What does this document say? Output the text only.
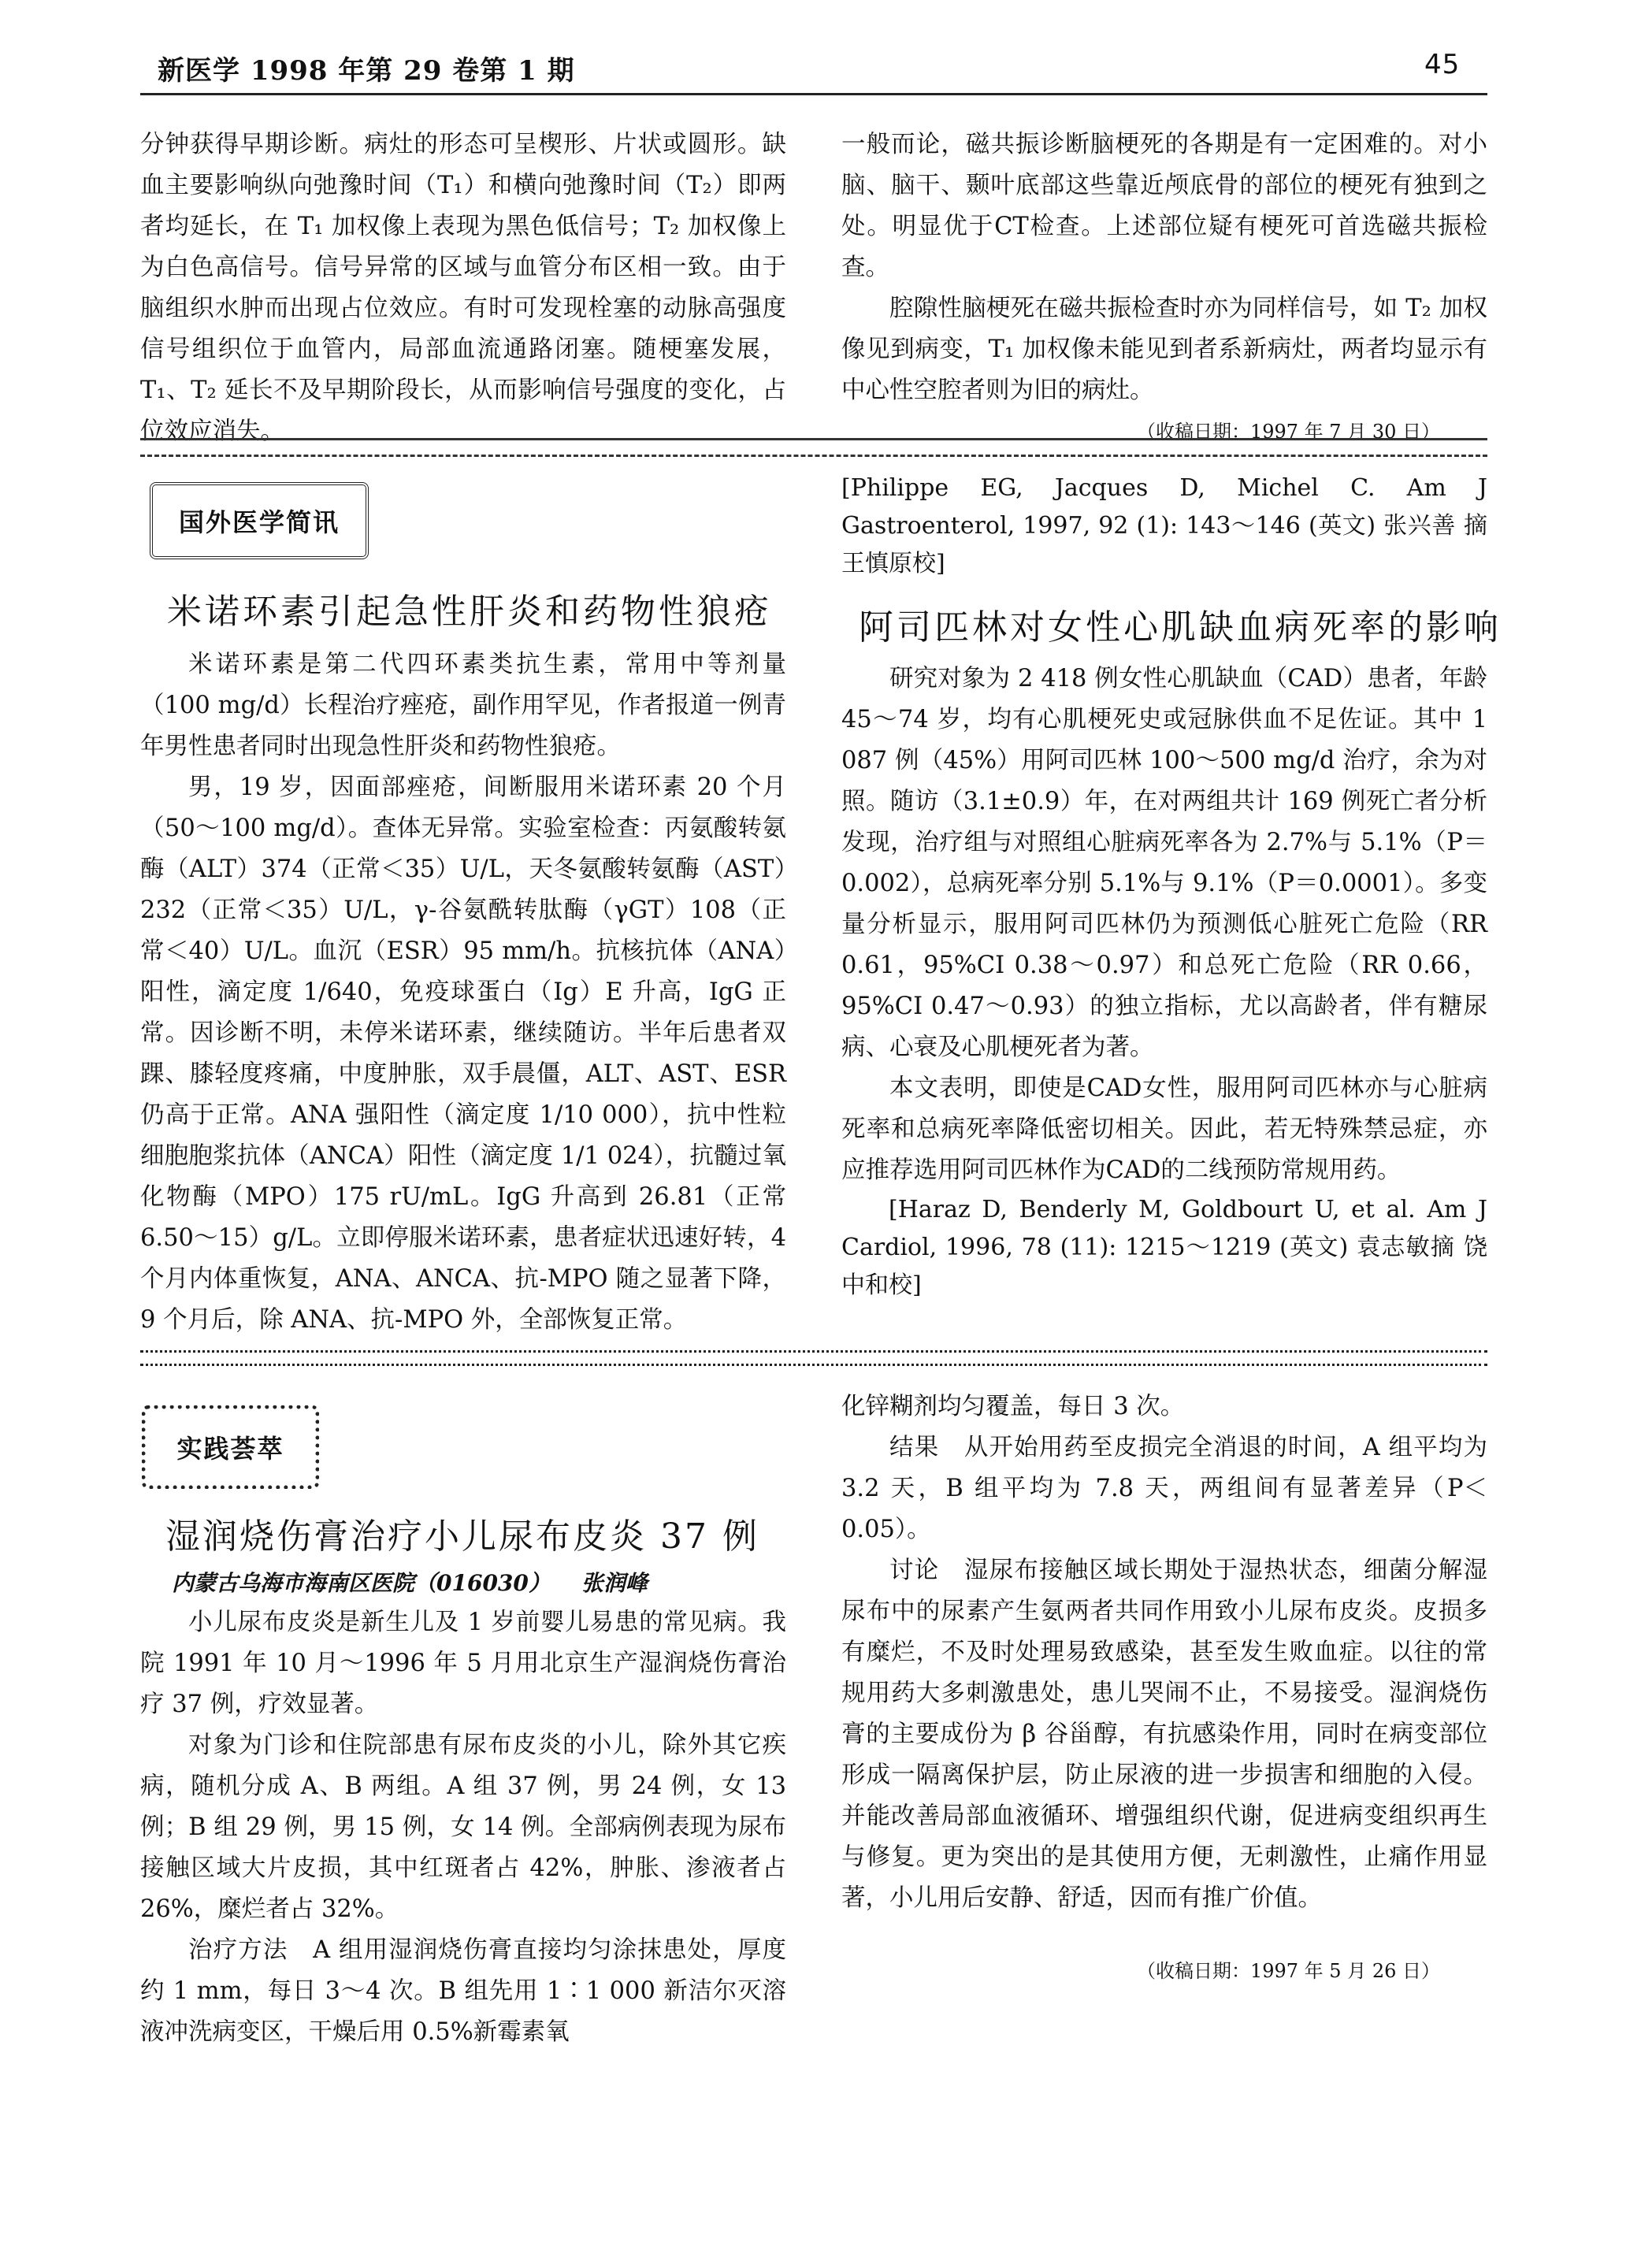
新医学 1998 年第 29 卷第 1 期	45

分钟获得早期诊断。病灶的形态可呈楔形、片状或圆形。缺血主要影响纵向弛豫时间（T₁）和横向弛豫时间（T₂）即两者均延长，在 T₁ 加权像上表现为黑色低信号；T₂ 加权像上为白色高信号。信号异常的区域与血管分布区相一致。由于脑组织水肿而出现占位效应。有时可发现栓塞的动脉高强度信号组织位于血管内，局部血流通路闭塞。随梗塞发展，T₁、T₂ 延长不及早期阶段长，从而影响信号强度的变化，占位效应消失。

一般而论，磁共振诊断脑梗死的各期是有一定困难的。对小脑、脑干、颞叶底部这些靠近颅底骨的部位的梗死有独到之处。明显优于CT检查。上述部位疑有梗死可首选磁共振检查。

腔隙性脑梗死在磁共振检查时亦为同样信号，如 T₂ 加权像见到病变，T₁ 加权像未能见到者系新病灶，两者均显示有中心性空腔者则为旧的病灶。

（收稿日期：1997 年 7 月 30 日）

国外医学简讯

[Philippe EG, Jacques D, Michel C. Am J Gastroenterol, 1997, 92 (1): 143～146 (英文) 张兴善 摘 王慎原校]

米诺环素引起急性肝炎和药物性狼疮

米诺环素是第二代四环素类抗生素，常用中等剂量（100 mg/d）长程治疗痤疮，副作用罕见，作者报道一例青年男性患者同时出现急性肝炎和药物性狼疮。

男，19 岁，因面部痤疮，间断服用米诺环素 20 个月（50～100 mg/d）。查体无异常。实验室检查：丙氨酸转氨酶（ALT）374（正常＜35）U/L，天冬氨酸转氨酶（AST）232（正常＜35）U/L，γ-谷氨酰转肽酶（γGT）108（正常＜40）U/L。血沉（ESR）95 mm/h。抗核抗体（ANA）阳性，滴定度 1/640，免疫球蛋白（Ig）E 升高，IgG 正常。因诊断不明，未停米诺环素，继续随访。半年后患者双踝、膝轻度疼痛，中度肿胀，双手晨僵，ALT、AST、ESR 仍高于正常。ANA 强阳性（滴定度 1/10 000），抗中性粒细胞胞浆抗体（ANCA）阳性（滴定度 1/1 024），抗髓过氧化物酶（MPO）175 rU/mL。IgG 升高到 26.81（正常 6.50～15）g/L。立即停服米诺环素，患者症状迅速好转，4 个月内体重恢复，ANA、ANCA、抗-MPO 随之显著下降，9 个月后，除 ANA、抗-MPO 外，全部恢复正常。

阿司匹林对女性心肌缺血病死率的影响

研究对象为 2 418 例女性心肌缺血（CAD）患者，年龄 45～74 岁，均有心肌梗死史或冠脉供血不足佐证。其中 1 087 例（45%）用阿司匹林 100～500 mg/d 治疗，余为对照。随访（3.1±0.9）年，在对两组共计 169 例死亡者分析发现，治疗组与对照组心脏病死率各为 2.7%与 5.1%（P＝0.002），总病死率分别 5.1%与 9.1%（P＝0.0001）。多变量分析显示，服用阿司匹林仍为预测低心脏死亡危险（RR 0.61，95%CI 0.38～0.97）和总死亡危险（RR 0.66，95%CI 0.47～0.93）的独立指标，尤以高龄者，伴有糖尿病、心衰及心肌梗死者为著。

本文表明，即使是CAD女性，服用阿司匹林亦与心脏病死率和总病死率降低密切相关。因此，若无特殊禁忌症，亦应推荐选用阿司匹林作为CAD的二线预防常规用药。

[Haraz D, Benderly M, Goldbourt U, et al. Am J Cardiol, 1996, 78 (11): 1215～1219 (英文) 袁志敏摘 饶中和校]

实践荟萃
湿润烧伤膏治疗小儿尿布皮炎 37 例
内蒙古乌海市海南区医院（016030）    张润峰

小儿尿布皮炎是新生儿及 1 岁前婴儿易患的常见病。我院 1991 年 10 月～1996 年 5 月用北京生产湿润烧伤膏治疗 37 例，疗效显著。

对象为门诊和住院部患有尿布皮炎的小儿，除外其它疾病，随机分成 A、B 两组。A 组 37 例，男 24 例，女 13 例；B 组 29 例，男 15 例，女 14 例。全部病例表现为尿布接触区域大片皮损，其中红斑者占 42%，肿胀、渗液者占 26%，糜烂者占 32%。

治疗方法　A 组用湿润烧伤膏直接均匀涂抹患处，厚度约 1 mm，每日 3～4 次。B 组先用 1∶1 000 新洁尔灭溶液冲洗病变区，干燥后用 0.5%新霉素氧

化锌糊剂均匀覆盖，每日 3 次。

结果　从开始用药至皮损完全消退的时间，A 组平均为 3.2 天，B 组平均为 7.8 天，两组间有显著差异（P＜0.05）。

讨论　湿尿布接触区域长期处于湿热状态，细菌分解湿尿布中的尿素产生氨两者共同作用致小儿尿布皮炎。皮损多有糜烂，不及时处理易致感染，甚至发生败血症。以往的常规用药大多刺激患处，患儿哭闹不止，不易接受。湿润烧伤膏的主要成份为 β 谷甾醇，有抗感染作用，同时在病变部位形成一隔离保护层，防止尿液的进一步损害和细胞的入侵。并能改善局部血液循环、增强组织代谢，促进病变组织再生与修复。更为突出的是其使用方便，无刺激性，止痛作用显著，小儿用后安静、舒适，因而有推广价值。

（收稿日期：1997 年 5 月 26 日）
